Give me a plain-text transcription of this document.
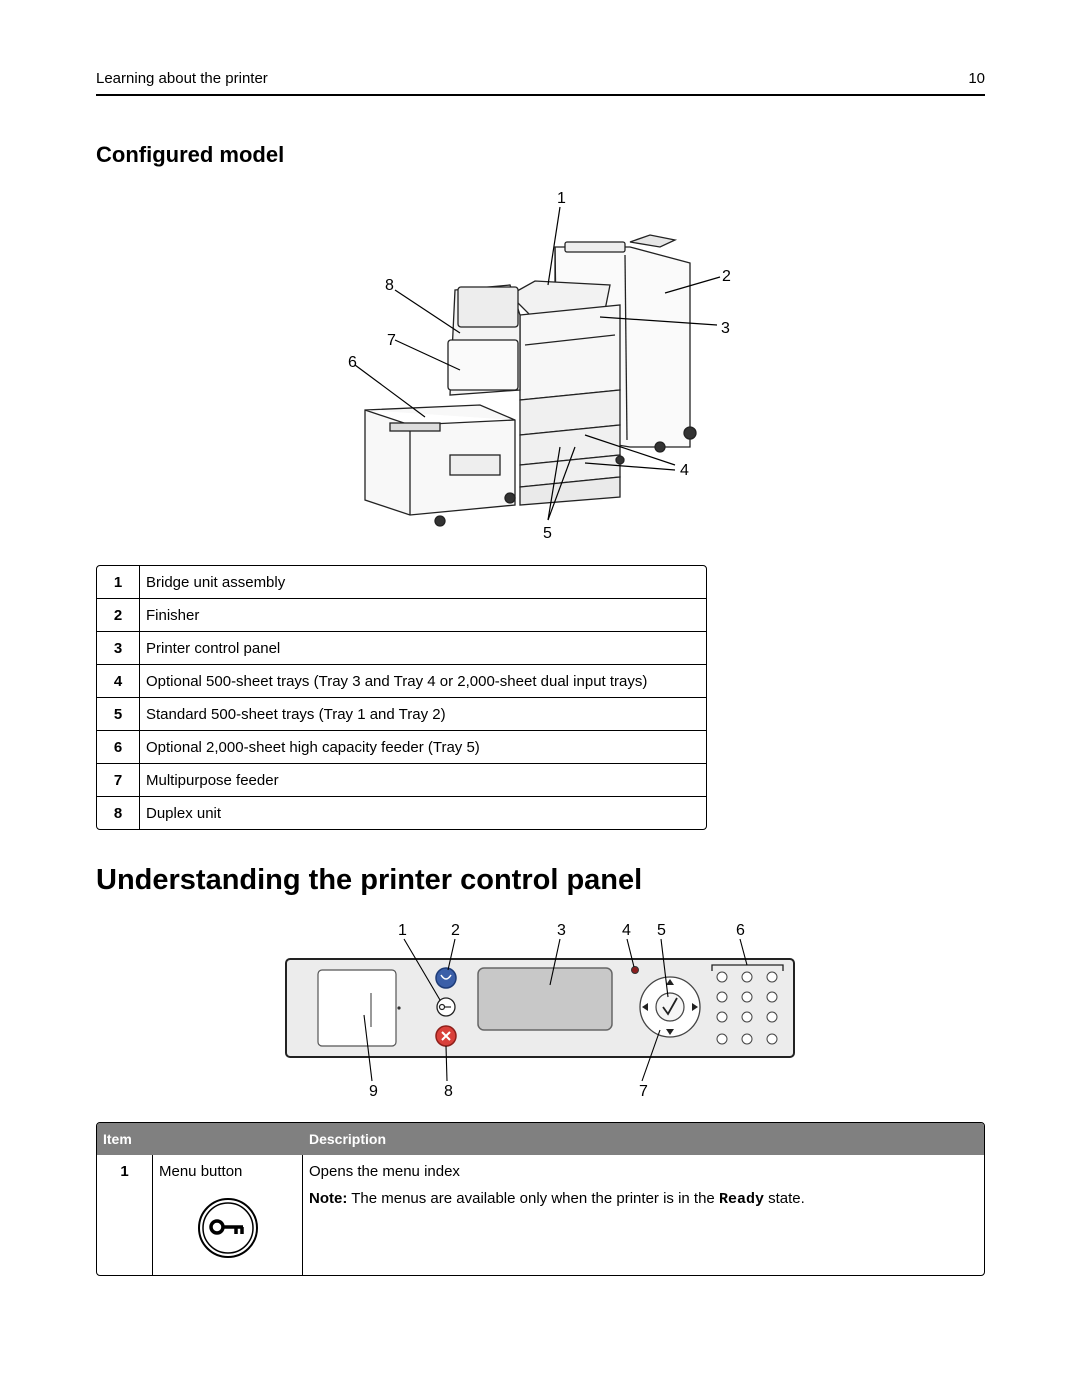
Learning about the printer	10
Configured model
1
2
3
4
5
6
7
8
1	Bridge unit assembly
2	Finisher
3	Printer control panel
4	Optional 500-sheet trays (Tray 3 and Tray 4 or 2,000-sheet dual input trays)
5	Standard 500-sheet trays (Tray 1 and Tray 2)
6	Optional 2,000-sheet high capacity feeder (Tray 5)
7	Multipurpose feeder
8	Duplex unit
Understanding the printer control panel
1	2	3	4 5	6
9	8	7
Item		Description
1	Menu button	Opens the menu index
Note: The menus are available only when the printer is in the Ready state.
